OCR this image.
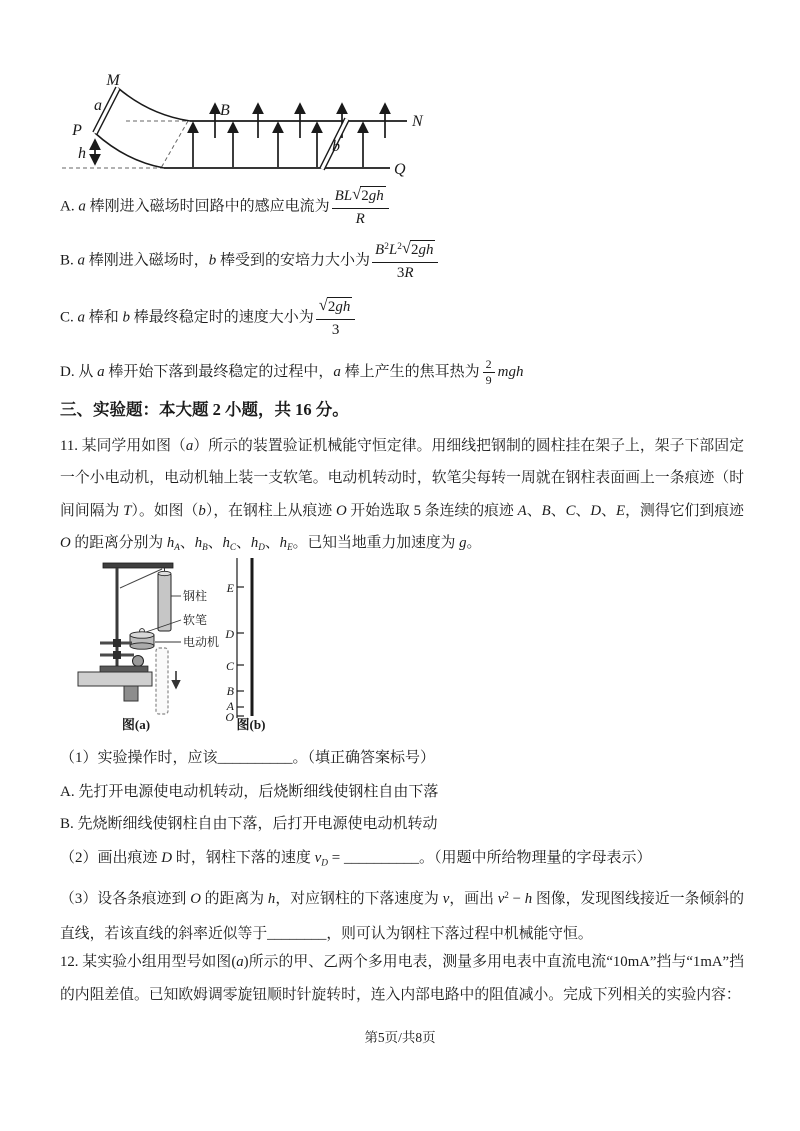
M
a
P
h
B
N
b
Q
A. a 棒刚进入磁场时回路中的感应电流为 $\frac{BL √ 2gh}{R}$
B. a 棒刚进入磁场时，b 棒受到的安培力大小为 $\frac{B^2L^2 √ 2gh}{3R}$
C. a 棒和 b 棒最终稳定时的速度大小为 $\frac{√ 2gh}{3}$
D. 从 a 棒开始下落到最终稳定的过程中，a 棒上产生的焦耳热为 $\frac{2}{9}$ mgh
三、实验题：本大题 2 小题，共 16 分。
11. 某同学用如图（a）所示的装置验证机械能守恒定律。用细线把钢制的圆柱挂在架子上，架子下部固定一个小电动机，电动机轴上装一支软笔。电动机转动时，软笔尖每转一周就在钢柱表面画上一条痕迹（时间间隔为 T）。如图（b），在钢柱上从痕迹 O 开始选取 5 条连续的痕迹 A、B、C、D、E，测得它们到痕迹 O 的距离分别为 $h_A$、$h_B$、$h_C$、$h_D$、$h_E$。已知当地重力加速度为 g。
钢柱
软笔
电动机
图(a)
E
D
C
B
A
O 图(b)
（1）实验操作时，应该__________。（填正确答案标号）
A. 先打开电源使电动机转动，后烧断细线使钢柱自由下落
B. 先烧断细线使钢柱自由下落，后打开电源使电动机转动
（2）画出痕迹 D 时，钢柱下落的速度 $v_D$ = __________。（用题中所给物理量的字母表示）
（3）设各条痕迹到 O 的距离为 h，对应钢柱的下落速度为 v，画出 $v^2 - h$ 图像，发现图线接近一条倾斜的直线，若该直线的斜率近似等于________，则可认为钢柱下落过程中机械能守恒。
12. 某实验小组用型号如图(a)所示的甲、乙两个多用电表，测量多用电表中直流电流“10mA”挡与“1mA”挡的内阻差值。已知欧姆调零旋钮顺时针旋转时，连入内部电路中的阻值减小。完成下列相关的实验内容：
第5页/共8页
